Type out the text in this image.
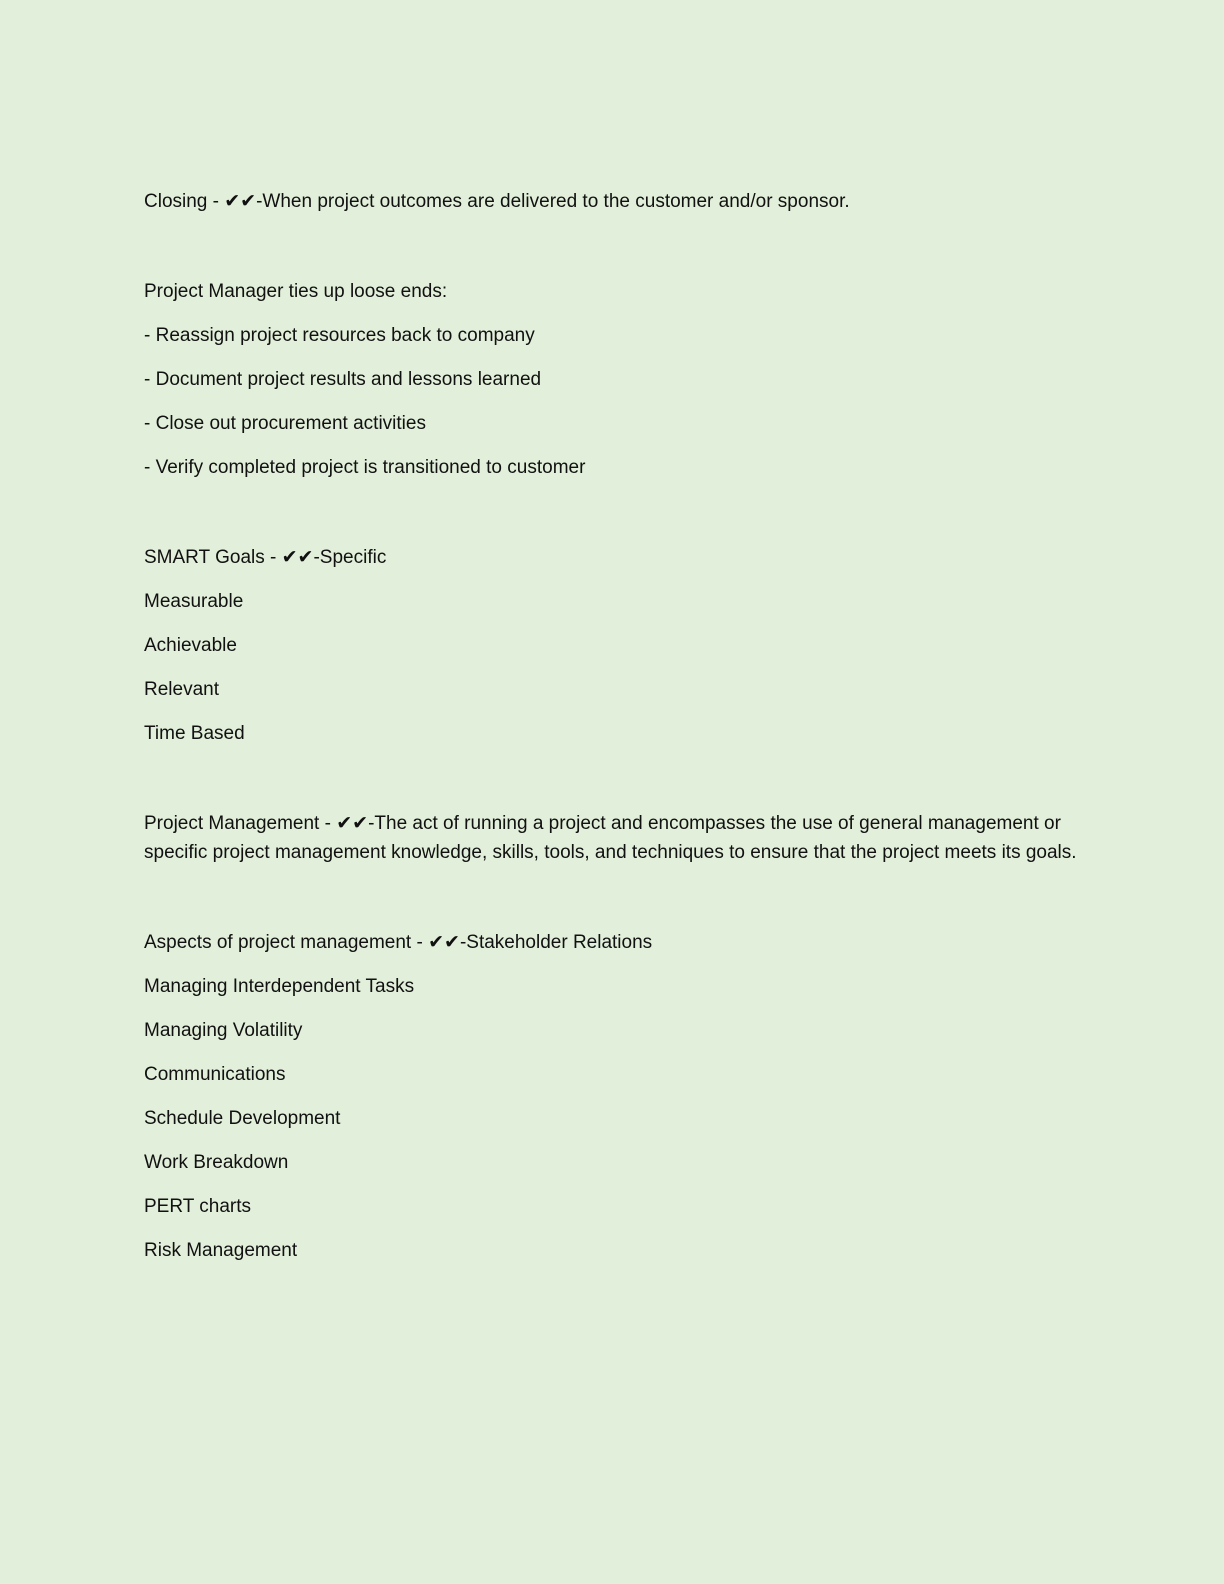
Closing - ✔✔-When project outcomes are delivered to the customer and/or sponsor.

Project Manager ties up loose ends:

- Reassign project resources back to company

- Document project results and lessons learned

- Close out procurement activities

- Verify completed project is transitioned to customer

SMART Goals - ✔✔-Specific

Measurable

Achievable

Relevant

Time Based

Project Management - ✔✔-The act of running a project and encompasses the use of general management or specific project management knowledge, skills, tools, and techniques to ensure that the project meets its goals.

Aspects of project management - ✔✔-Stakeholder Relations

Managing Interdependent Tasks

Managing Volatility

Communications

Schedule Development

Work Breakdown

PERT charts

Risk Management
